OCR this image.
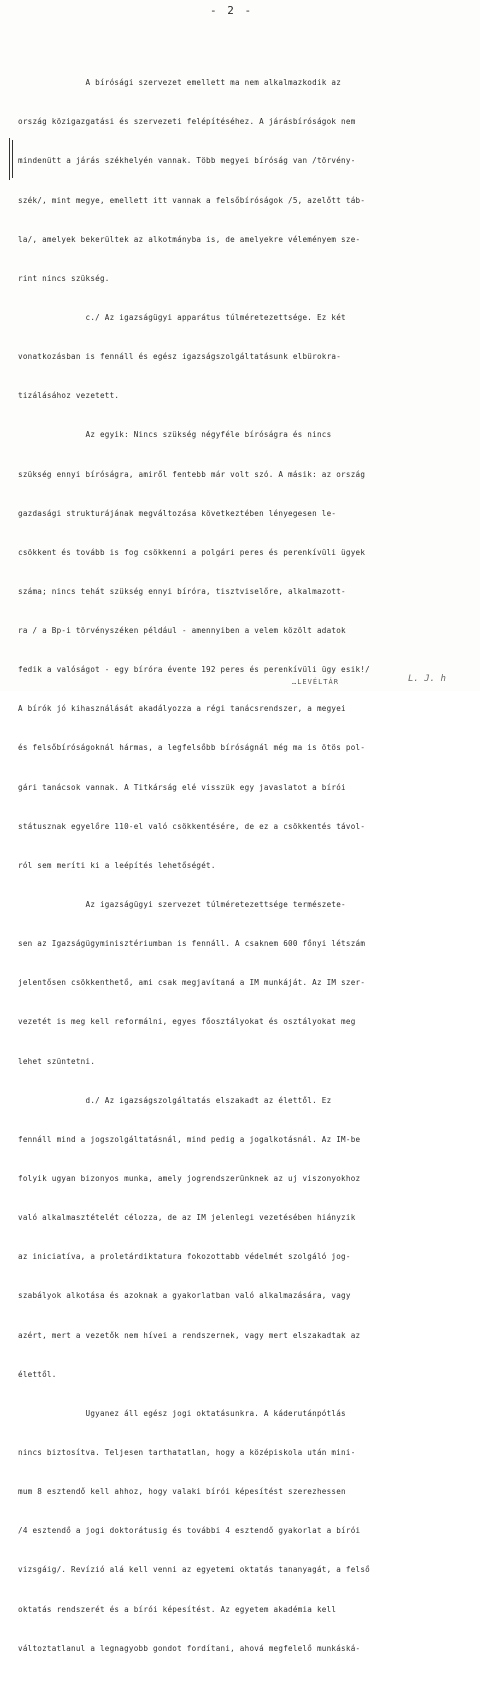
- 2 -

A bírósági szervezet emellett ma nem alkalmazkodik az

ország közigazgatási és szervezeti felépítéséhez. A járásbíróságok nem

mindenütt a járás székhelyén vannak. Több megyei bíróság van /törvény-

szék/, mint megye, emellett itt vannak a felsőbíróságok /5, azelőtt táb-

la/, amelyek bekerültek az alkotmányba is, de amelyekre véleményem sze-

rint nincs szükség.

c./ Az igazságügyi apparátus túlméretezettsége. Ez két

vonatkozásban is fennáll és egész igazságszolgáltatásunk elbürokra-

tizálásához vezetett.

Az egyik: Nincs szükség négyféle bíróságra és nincs

szükség ennyi bíróságra, amiről fentebb már volt szó. A másik: az ország

gazdasági strukturájának megváltozása következtében lényegesen le-

csökkent és tovább is fog csökkenni a polgári peres és perenkívüli ügyek

száma; nincs tehát szükség ennyi bíróra, tisztviselőre, alkalmazott-

ra / a Bp-i törvényszéken például - amennyiben a velem közölt adatok

fedik a valóságot - egy bíróra évente 192 peres és perenkívüli ügy esik!/

A bírók jó kihasználását akadályozza a régi tanácsrendszer, a megyei

és felsőbíróságoknál hármas, a legfelsőbb bíróságnál még ma is ötös pol-

gári tanácsok vannak. A Titkárság elé visszük egy javaslatot a bírói

státusznak egyelőre 110-el való csökkentésére, de ez a csökkentés távol-

ról sem meríti ki a leépítés lehetőségét.

Az igazságügyi szervezet túlméretezettsége természete-

sen az Igazságügyminisztériumban is fennáll. A csaknem 600 főnyi létszám

jelentősen csökkenthető, ami csak megjavítaná a IM munkáját. Az IM szer-

vezetét is meg kell reformálni, egyes főosztályokat és osztályokat meg

lehet szüntetni.

d./ Az igazságszolgáltatás elszakadt az élettől. Ez

fennáll mind a jogszolgáltatásnál, mind pedig a jogalkotásnál. Az IM-be

folyik ugyan bizonyos munka, amely jogrendszerünknek az uj viszonyokhoz

való alkalmasztételét célozza, de az IM jelenlegi vezetésében hiányzik

az iniciatíva, a proletárdiktatura fokozottabb védelmét szolgáló jog-

szabályok alkotása és azoknak a gyakorlatban való alkalmazására, vagy

azért, mert a vezetők nem hívei a rendszernek, vagy mert elszakadtak az

élettől.

Ugyanez áll egész jogi oktatásunkra. A káderutánpótlás

nincs biztosítva. Teljesen tarthatatlan, hogy a középiskola után mini-

mum 8 esztendő kell ahhoz, hogy valaki bírói képesítést szerezhessen

/4 esztendő a jogi doktorátusig és további 4 esztendő gyakorlat a bírói

vizsgáig/. Revízió alá kell venni az egyetemi oktatás tananyagát, a felső

oktatás rendszerét és a bírói képesítést. Az egyetem akadémia kell

változtatlanul a legnagyobb gondot fordítani, ahová megfelelő munkáská-

…LEVÉLTÁR	L. J. h
